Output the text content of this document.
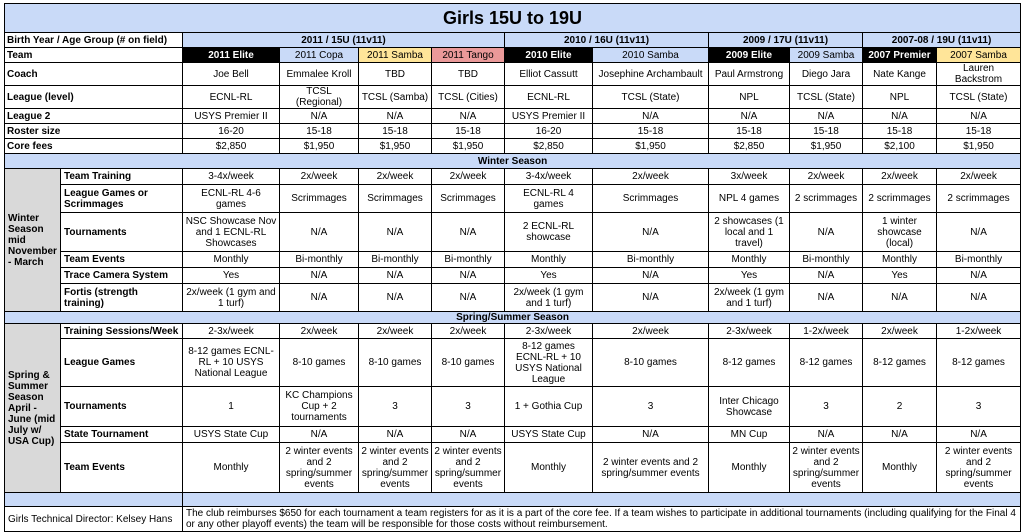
Girls 15U to 19U											
Birth Year / Age Group (# on field)		2011 / 15U (11v11)				2010 / 16U (11v11)		2009 / 17U (11v11)		2007-08 / 19U (11v11)	
Team		2011 Elite	2011 Copa	2011 Samba	2011 Tango	2010 Elite	2010 Samba	2009 Elite	2009 Samba	2007 Premier	2007 Samba
Coach		Joe Bell	Emmalee Kroll	TBD	TBD	Elliot Cassutt	Josephine Archambault	Paul Armstrong	Diego Jara	Nate Kange	Lauren Backstrom
League (level)		ECNL-RL	TCSL (Regional)	TCSL (Samba)	TCSL (Cities)	ECNL-RL	TCSL (State)	NPL	TCSL (State)	NPL	TCSL (State)
League 2		USYS Premier II	N/A	N/A	N/A	USYS Premier II	N/A	N/A	N/A	N/A	N/A
Roster size		16-20	15-18	15-18	15-18	16-20	15-18	15-18	15-18	15-18	15-18
Core fees		$2,850	$1,950	$1,950	$1,950	$2,850	$1,950	$2,850	$1,950	$2,100	$1,950
Winter Season											
Winter Season mid November - March	Team Training	3-4x/week	2x/week	2x/week	2x/week	3-4x/week	2x/week	3x/week	2x/week	2x/week	2x/week
	League Games or Scrimmages	ECNL-RL 4-6 games	Scrimmages	Scrimmages	Scrimmages	ECNL-RL 4 games	Scrimmages	NPL 4 games	2 scrimmages	2 scrimmages	2 scrimmages
	Tournaments	NSC Showcase Nov and 1 ECNL-RL Showcases	N/A	N/A	N/A	2 ECNL-RL showcase	N/A	2 showcases (1 local and 1 travel)	N/A	1 winter showcase (local)	N/A
	Team Events	Monthly	Bi-monthly	Bi-monthly	Bi-monthly	Monthly	Bi-monthly	Monthly	Bi-monthly	Monthly	Bi-monthly
	Trace Camera System	Yes	N/A	N/A	N/A	Yes	N/A	Yes	N/A	Yes	N/A
	Fortis (strength training)	2x/week (1 gym and 1 turf)	N/A	N/A	N/A	2x/week (1 gym and 1 turf)	N/A	2x/week (1 gym and 1 turf)	N/A	N/A	N/A
Spring/Summer Season											
Spring & Summer Season April - June (mid July w/ USA Cup)	Training Sessions/Week	2-3x/week	2x/week	2x/week	2x/week	2-3x/week	2x/week	2-3x/week	1-2x/week	2x/week	1-2x/week
	League Games	8-12 games ECNL-RL + 10 USYS National League	8-10 games	8-10 games	8-10 games	8-12 games ECNL-RL + 10 USYS National League	8-10 games	8-12 games	8-12 games	8-12 games	8-12 games
	Tournaments	1	KC Champions Cup + 2 tournaments	3	3	1 + Gothia Cup	3	Inter Chicago Showcase	3	2	3
	State Tournament	USYS State Cup	N/A	N/A	N/A	USYS State Cup	N/A	MN Cup	N/A	N/A	N/A
	Team Events	Monthly	2 winter events and 2 spring/summer events	2 winter events and 2 spring/summer events	2 winter events and 2 spring/summer events	Monthly	2 winter events and 2 spring/summer events	Monthly	2 winter events and 2 spring/summer events	Monthly	2 winter events and 2 spring/summer events

Girls Technical Director: Kelsey Hans		The club reimburses $650 for each tournament a team registers for as it is a part of the core fee. If a team wishes to participate in additional tournaments (including qualifying for the Final 4 or any other playoff events) the team will be responsible for those costs without reimbursement.									
